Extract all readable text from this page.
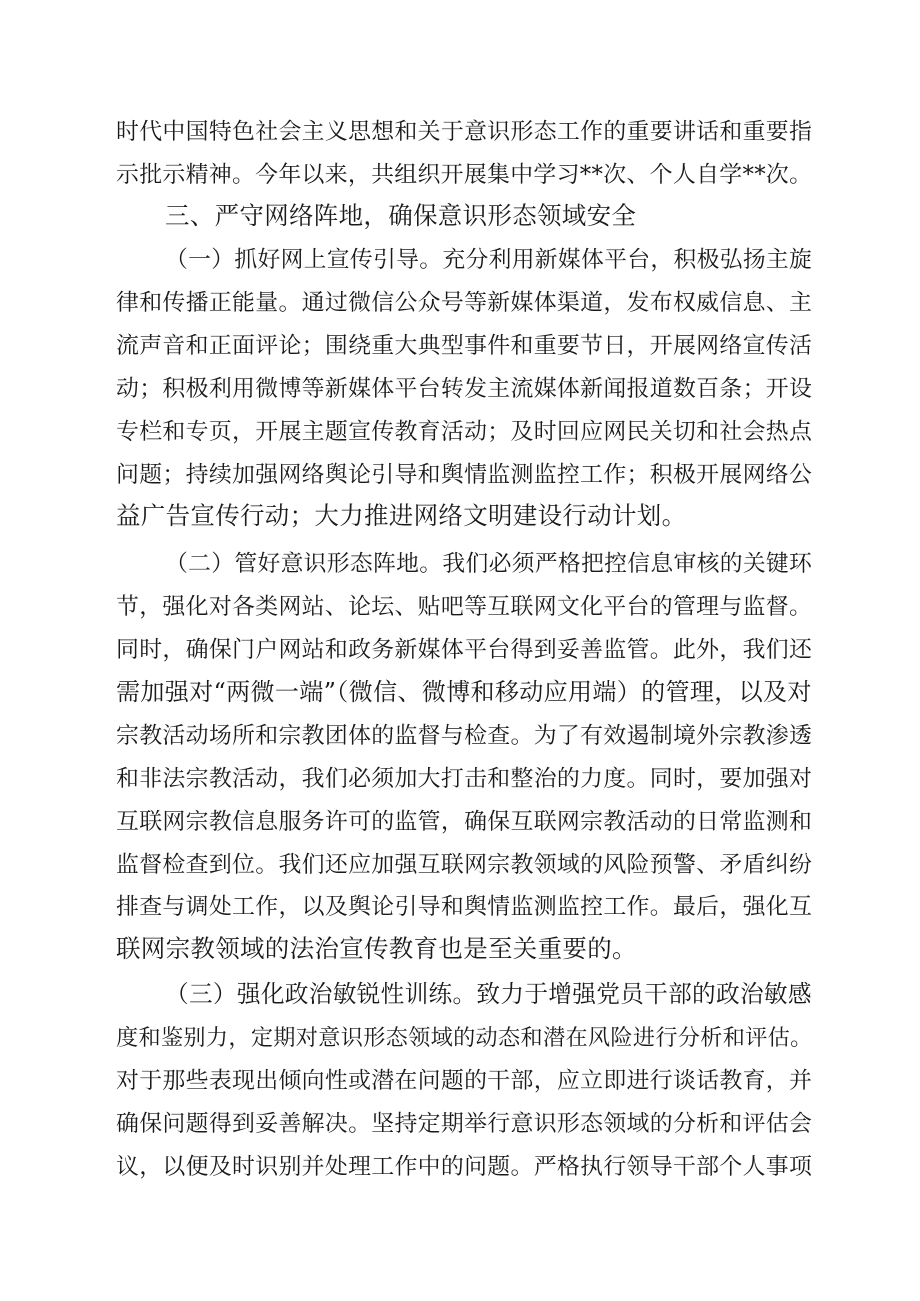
时代中国特色社会主义思想和关于意识形态工作的重要讲话和重要指
示批示精神。今年以来，共组织开展集中学习**次、个人自学**次。
三、严守网络阵地，确保意识形态领域安全
（一）抓好网上宣传引导。充分利用新媒体平台，积极弘扬主旋
律和传播正能量。通过微信公众号等新媒体渠道，发布权威信息、主
流声音和正面评论；围绕重大典型事件和重要节日，开展网络宣传活
动；积极利用微博等新媒体平台转发主流媒体新闻报道数百条；开设
专栏和专页，开展主题宣传教育活动；及时回应网民关切和社会热点
问题；持续加强网络舆论引导和舆情监测监控工作；积极开展网络公
益广告宣传行动；大力推进网络文明建设行动计划。
（二）管好意识形态阵地。我们必须严格把控信息审核的关键环
节，强化对各类网站、论坛、贴吧等互联网文化平台的管理与监督。
同时，确保门户网站和政务新媒体平台得到妥善监管。此外，我们还
需加强对“两微一端”（微信、微博和移动应用端）的管理，以及对
宗教活动场所和宗教团体的监督与检查。为了有效遏制境外宗教渗透
和非法宗教活动，我们必须加大打击和整治的力度。同时，要加强对
互联网宗教信息服务许可的监管，确保互联网宗教活动的日常监测和
监督检查到位。我们还应加强互联网宗教领域的风险预警、矛盾纠纷
排查与调处工作，以及舆论引导和舆情监测监控工作。最后，强化互
联网宗教领域的法治宣传教育也是至关重要的。
（三）强化政治敏锐性训练。致力于增强党员干部的政治敏感
度和鉴别力，定期对意识形态领域的动态和潜在风险进行分析和评估。
对于那些表现出倾向性或潜在问题的干部，应立即进行谈话教育，并
确保问题得到妥善解决。坚持定期举行意识形态领域的分析和评估会
议，以便及时识别并处理工作中的问题。严格执行领导干部个人事项
